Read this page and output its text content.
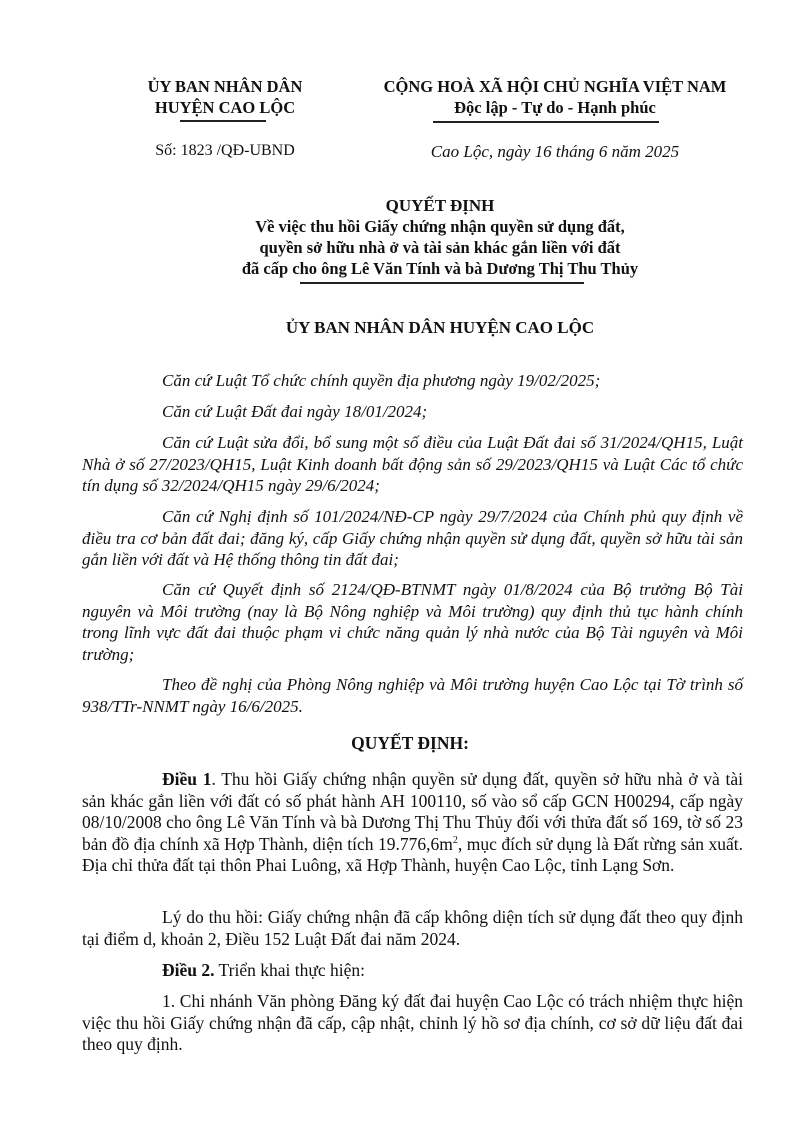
ỦY BAN NHÂN DÂN
HUYỆN CAO LỘC
Số: 1823 /QĐ-UBND
CỘNG HOÀ XÃ HỘI CHỦ NGHĨA VIỆT NAM
Độc lập - Tự do - Hạnh phúc
Cao Lộc, ngày 16 tháng 6 năm 2025
QUYẾT ĐỊNH
Về việc thu hồi Giấy chứng nhận quyền sử dụng đất,
quyền sở hữu nhà ở và tài sản khác gắn liền với đất
đã cấp cho ông Lê Văn Tính và bà Dương Thị Thu Thủy
ỦY BAN NHÂN DÂN HUYỆN CAO LỘC

Căn cứ Luật Tổ chức chính quyền địa phương ngày 19/02/2025;

Căn cứ Luật Đất đai ngày 18/01/2024;

Căn cứ Luật sửa đổi, bổ sung một số điều của Luật Đất đai số 31/2024/QH15, Luật Nhà ở số 27/2023/QH15, Luật Kinh doanh bất động sản số 29/2023/QH15 và Luật Các tổ chức tín dụng số 32/2024/QH15 ngày 29/6/2024;

Căn cứ Nghị định số 101/2024/NĐ-CP ngày 29/7/2024 của Chính phủ quy định về điều tra cơ bản đất đai; đăng ký, cấp Giấy chứng nhận quyền sử dụng đất, quyền sở hữu tài sản gắn liền với đất và Hệ thống thông tin đất đai;

Căn cứ Quyết định số 2124/QĐ-BTNMT ngày 01/8/2024 của Bộ trưởng Bộ Tài nguyên và Môi trường (nay là Bộ Nông nghiệp và Môi trường) quy định thủ tục hành chính trong lĩnh vực đất đai thuộc phạm vi chức năng quản lý nhà nước của Bộ Tài nguyên và Môi trường;

Theo đề nghị của Phòng Nông nghiệp và Môi trường huyện Cao Lộc tại Tờ trình số 938/TTr-NNMT ngày 16/6/2025.

QUYẾT ĐỊNH:

Điều 1. Thu hồi Giấy chứng nhận quyền sử dụng đất, quyền sở hữu nhà ở và tài sản khác gắn liền với đất có số phát hành AH 100110, số vào sổ cấp GCN H00294, cấp ngày 08/10/2008 cho ông Lê Văn Tính và bà Dương Thị Thu Thủy đối với thửa đất số 169, tờ số 23 bản đồ địa chính xã Hợp Thành, diện tích $19.776,6m^2$, mục đích sử dụng là Đất rừng sản xuất. Địa chỉ thửa đất tại thôn Phai Luông, xã Hợp Thành, huyện Cao Lộc, tỉnh Lạng Sơn.

Lý do thu hồi: Giấy chứng nhận đã cấp không diện tích sử dụng đất theo quy định tại điểm d, khoản 2, Điều 152 Luật Đất đai năm 2024.

Điều 2. Triển khai thực hiện:

1. Chi nhánh Văn phòng Đăng ký đất đai huyện Cao Lộc có trách nhiệm thực hiện việc thu hồi Giấy chứng nhận đã cấp, cập nhật, chỉnh lý hồ sơ địa chính, cơ sở dữ liệu đất đai theo quy định.
